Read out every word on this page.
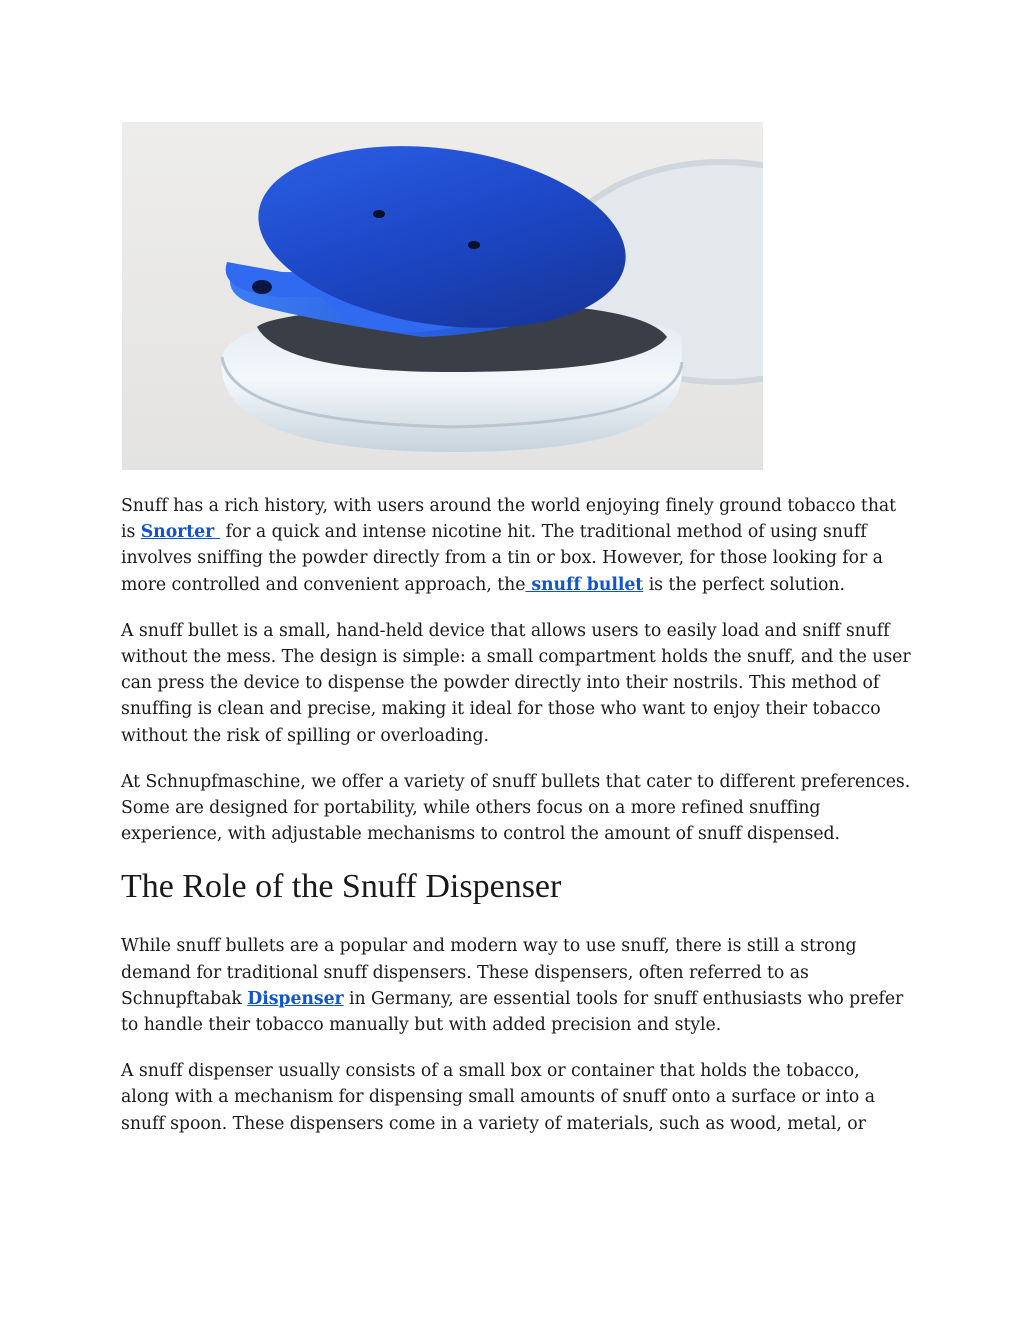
Snuff has a rich history, with users around the world enjoying finely ground tobacco that is Snorter  for a quick and intense nicotine hit. The traditional method of using snuff involves sniffing the powder directly from a tin or box. However, for those looking for a more controlled and convenient approach, the snuff bullet is the perfect solution.

A snuff bullet is a small, hand-held device that allows users to easily load and sniff snuff without the mess. The design is simple: a small compartment holds the snuff, and the user can press the device to dispense the powder directly into their nostrils. This method of snuffing is clean and precise, making it ideal for those who want to enjoy their tobacco without the risk of spilling or overloading.

At Schnupfmaschine, we offer a variety of snuff bullets that cater to different preferences. Some are designed for portability, while others focus on a more refined snuffing experience, with adjustable mechanisms to control the amount of snuff dispensed.

The Role of the Snuff Dispenser

While snuff bullets are a popular and modern way to use snuff, there is still a strong demand for traditional snuff dispensers. These dispensers, often referred to as Schnupftabak Dispenser in Germany, are essential tools for snuff enthusiasts who prefer to handle their tobacco manually but with added precision and style.

A snuff dispenser usually consists of a small box or container that holds the tobacco, along with a mechanism for dispensing small amounts of snuff onto a surface or into a snuff spoon. These dispensers come in a variety of materials, such as wood, metal, or
